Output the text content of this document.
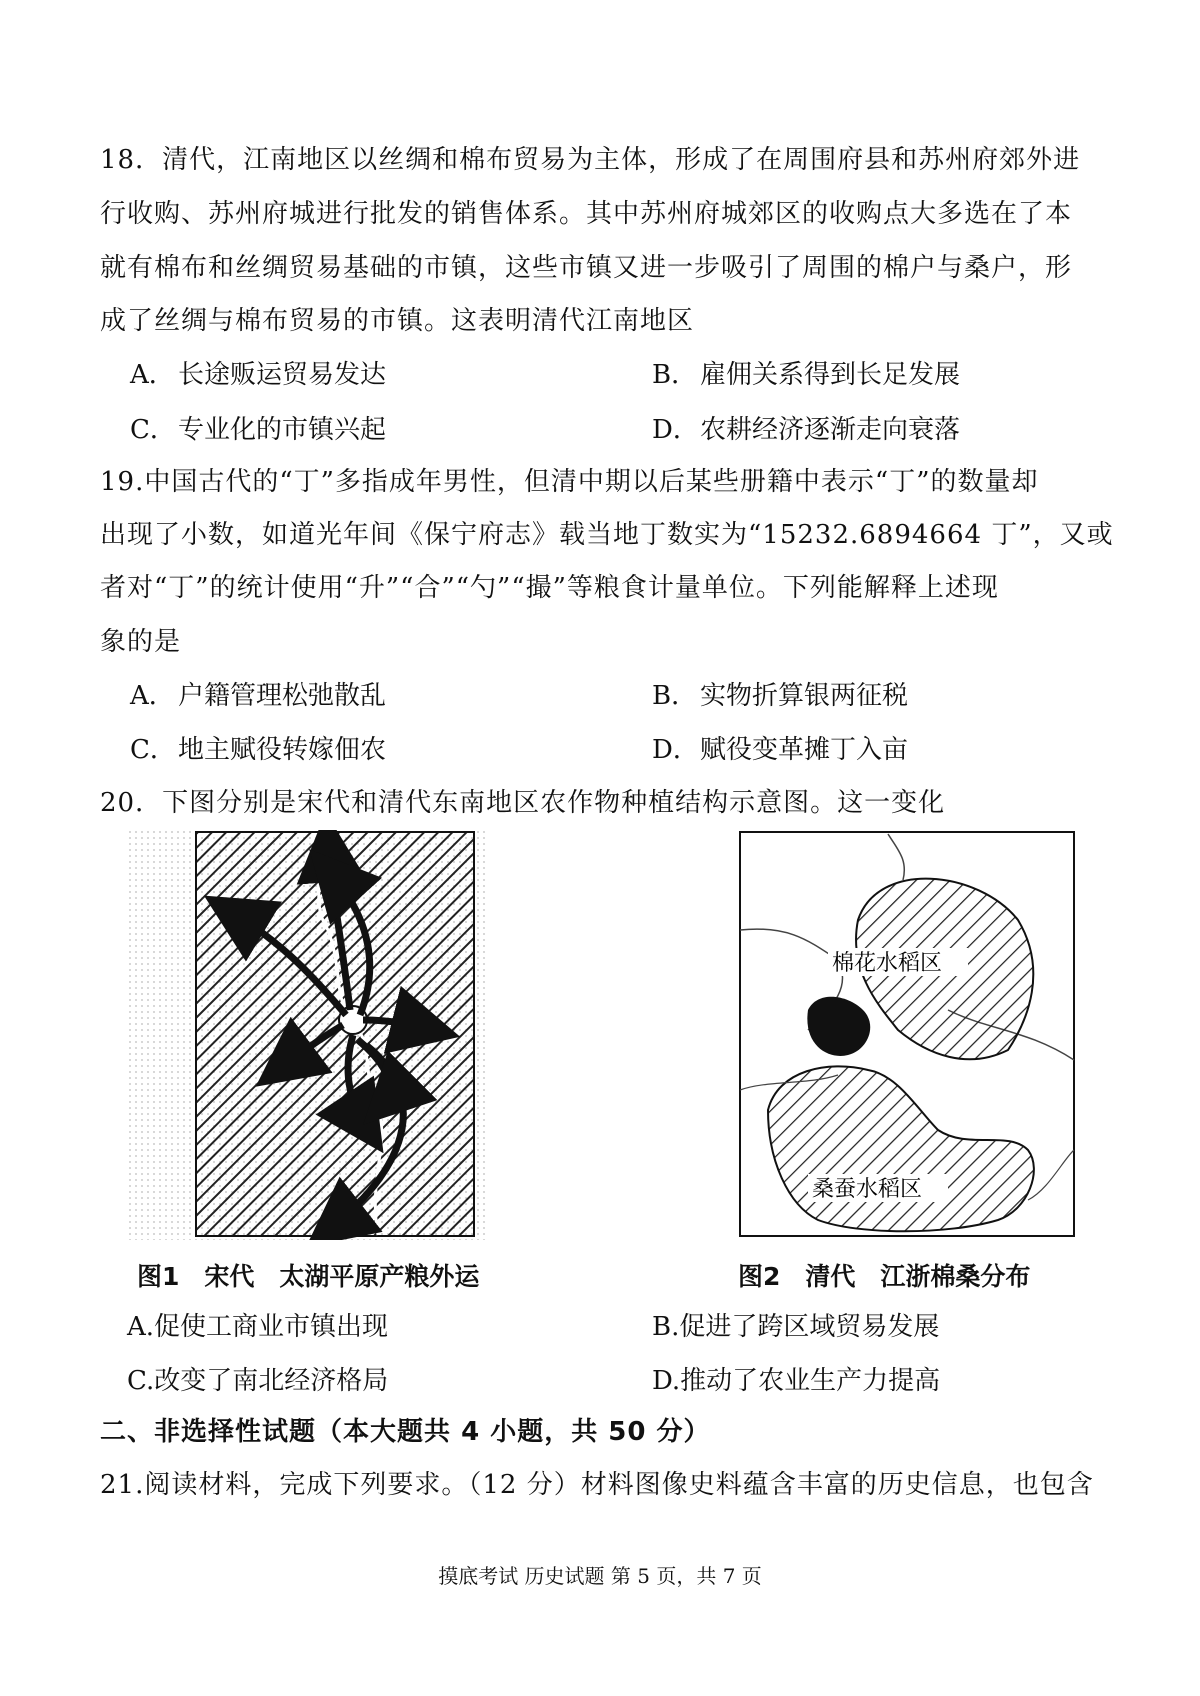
18．清代，江南地区以丝绸和棉布贸易为主体，形成了在周围府县和苏州府郊外进
行收购、苏州府城进行批发的销售体系。其中苏州府城郊区的收购点大多选在了本
就有棉布和丝绸贸易基础的市镇，这些市镇又进一步吸引了周围的棉户与桑户，形
成了丝绸与棉布贸易的市镇。这表明清代江南地区
A． 长途贩运贸易发达	B． 雇佣关系得到长足发展
C．专业化的市镇兴起	D．农耕经济逐渐走向衰落
19.中国古代的“丁”多指成年男性，但清中期以后某些册籍中表示“丁”的数量却
出现了小数，如道光年间《保宁府志》载当地丁数实为“15232.6894664 丁”，又或
者对“丁”的统计使用“升”“合”“勺”“撮”等粮食计量单位。下列能解释上述现
象的是
A． 户籍管理松弛散乱	B． 实物折算银两征税
C．地主赋役转嫁佃农	D．赋役变革摊丁入亩
20．下图分别是宋代和清代东南地区农作物种植结构示意图。这一变化
棉花水稻区
桑蚕水稻区
图1　宋代　太湖平原产粮外运	图2　清代　江浙棉桑分布
A.促使工商业市镇出现	B.促进了跨区域贸易发展
C.改变了南北经济格局	D.推动了农业生产力提高
二、非选择性试题（本大题共 4 小题，共 50 分）
21.阅读材料，完成下列要求。（12 分）材料图像史料蕴含丰富的历史信息，也包含
摸底考试 历史试题 第 5 页，共 7 页
